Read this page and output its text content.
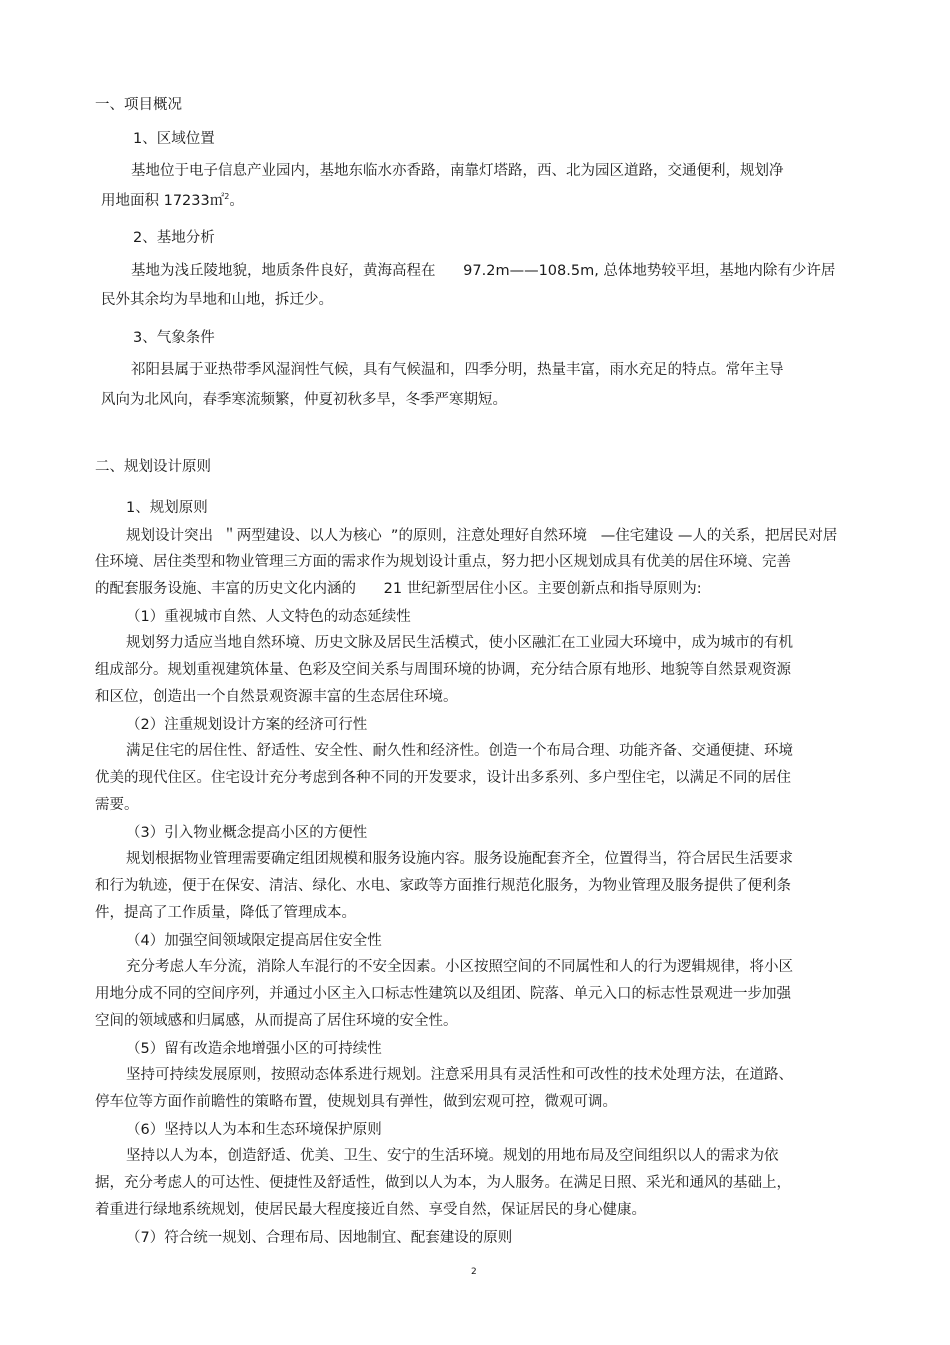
一、项目概况
1、区域位置
基地位于电子信息产业园内，基地东临水亦香路，南靠灯塔路，西、北为园区道路，交通便利，规划净
用地面积 17233㎡$^2$。
2、基地分析
基地为浅丘陵地貌，地质条件良好，黄海高程在      97.2m——108.5m, 总体地势较平坦，基地内除有少许居
民外其余均为旱地和山地，拆迁少。
3、气象条件
祁阳县属于亚热带季风湿润性气候，具有气候温和，四季分明，热量丰富，雨水充足的特点。常年主导
风向为北风向，春季寒流频繁，仲夏初秋多旱，冬季严寒期短。
二、规划设计原则
1、规划原则
规划设计突出  ＂两型建设、以人为核心  ”的原则，注意处理好自然环境   —住宅建设 —人的关系，把居民对居
住环境、居住类型和物业管理三方面的需求作为规划设计重点，努力把小区规划成具有优美的居住环境、完善
的配套服务设施、丰富的历史文化内涵的      21 世纪新型居住小区。主要创新点和指导原则为:
（1）重视城市自然、人文特色的动态延续性
规划努力适应当地自然环境、历史文脉及居民生活模式，使小区融汇在工业园大环境中，成为城市的有机
组成部分。规划重视建筑体量、色彩及空间关系与周围环境的协调，充分结合原有地形、地貌等自然景观资源
和区位，创造出一个自然景观资源丰富的生态居住环境。
（2）注重规划设计方案的经济可行性
满足住宅的居住性、舒适性、安全性、耐久性和经济性。创造一个布局合理、功能齐备、交通便捷、环境
优美的现代住区。住宅设计充分考虑到各种不同的开发要求，设计出多系列、多户型住宅，以满足不同的居住
需要。
（3）引入物业概念提高小区的方便性
规划根据物业管理需要确定组团规模和服务设施内容。服务设施配套齐全，位置得当，符合居民生活要求
和行为轨迹，便于在保安、清洁、绿化、水电、家政等方面推行规范化服务，为物业管理及服务提供了便利条
件，提高了工作质量，降低了管理成本。
（4）加强空间领域限定提高居住安全性
充分考虑人车分流，消除人车混行的不安全因素。小区按照空间的不同属性和人的行为逻辑规律，将小区
用地分成不同的空间序列，并通过小区主入口标志性建筑以及组团、院落、单元入口的标志性景观进一步加强
空间的领域感和归属感，从而提高了居住环境的安全性。
（5）留有改造余地增强小区的可持续性
坚持可持续发展原则，按照动态体系进行规划。注意采用具有灵活性和可改性的技术处理方法，在道路、
停车位等方面作前瞻性的策略布置，使规划具有弹性，做到宏观可控，微观可调。
（6）坚持以人为本和生态环境保护原则
坚持以人为本，创造舒适、优美、卫生、安宁的生活环境。规划的用地布局及空间组织以人的需求为依
据，充分考虑人的可达性、便捷性及舒适性，做到以人为本，为人服务。在满足日照、采光和通风的基础上，
着重进行绿地系统规划，使居民最大程度接近自然、享受自然，保证居民的身心健康。
（7）符合统一规划、合理布局、因地制宜、配套建设的原则
2
